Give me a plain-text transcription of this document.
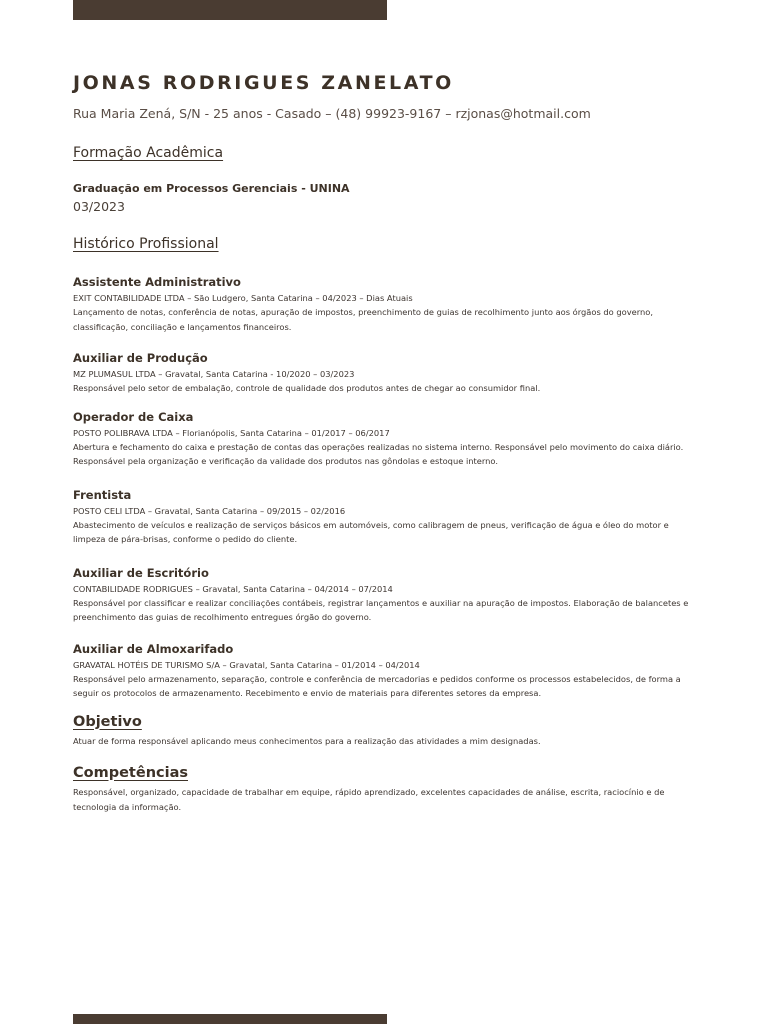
JONAS RODRIGUES ZANELATO
Rua Maria Zená, S/N - 25 anos - Casado – (48) 99923-9167 – rzjonas@hotmail.com
Formação Acadêmica
Graduação em Processos Gerenciais - UNINA
03/2023
Histórico Profissional
Assistente Administrativo
EXIT CONTABILIDADE LTDA – São Ludgero, Santa Catarina – 04/2023 – Dias Atuais
Lançamento de notas, conferência de notas, apuração de impostos, preenchimento de guias de recolhimento junto aos órgãos do governo, classificação, conciliação e lançamentos financeiros.
Auxiliar de Produção
MZ PLUMASUL LTDA – Gravatal, Santa Catarina - 10/2020 – 03/2023
Responsável pelo setor de embalação, controle de qualidade dos produtos antes de chegar ao consumidor final.
Operador de Caixa
POSTO POLIBRAVA LTDA – Florianópolis, Santa Catarina – 01/2017 – 06/2017
Abertura e fechamento do caixa e prestação de contas das operações realizadas no sistema interno. Responsável pelo movimento do caixa diário. Responsável pela organização e verificação da validade dos produtos nas gôndolas e estoque interno.
Frentista
POSTO CELI LTDA – Gravatal, Santa Catarina – 09/2015 – 02/2016
Abastecimento de veículos e realização de serviços básicos em automóveis, como calibragem de pneus, verificação de água e óleo do motor e limpeza de pára-brisas, conforme o pedido do cliente.
Auxiliar de Escritório
CONTABILIDADE RODRIGUES – Gravatal, Santa Catarina – 04/2014 – 07/2014
Responsável por classificar e realizar conciliações contábeis, registrar lançamentos e auxiliar na apuração de impostos. Elaboração de balancetes e preenchimento das guias de recolhimento entregues órgão do governo.
Auxiliar de Almoxarifado
GRAVATAL HOTÉIS DE TURISMO S/A – Gravatal, Santa Catarina – 01/2014 – 04/2014
Responsável pelo armazenamento, separação, controle e conferência de mercadorias e pedidos conforme os processos estabelecidos, de forma a seguir os protocolos de armazenamento. Recebimento e envio de materiais para diferentes setores da empresa.
Objetivo
Atuar de forma responsável aplicando meus conhecimentos para a realização das atividades a mim designadas.
Competências
Responsável, organizado, capacidade de trabalhar em equipe, rápido aprendizado, excelentes capacidades de análise, escrita, raciocínio e de tecnologia da informação.
